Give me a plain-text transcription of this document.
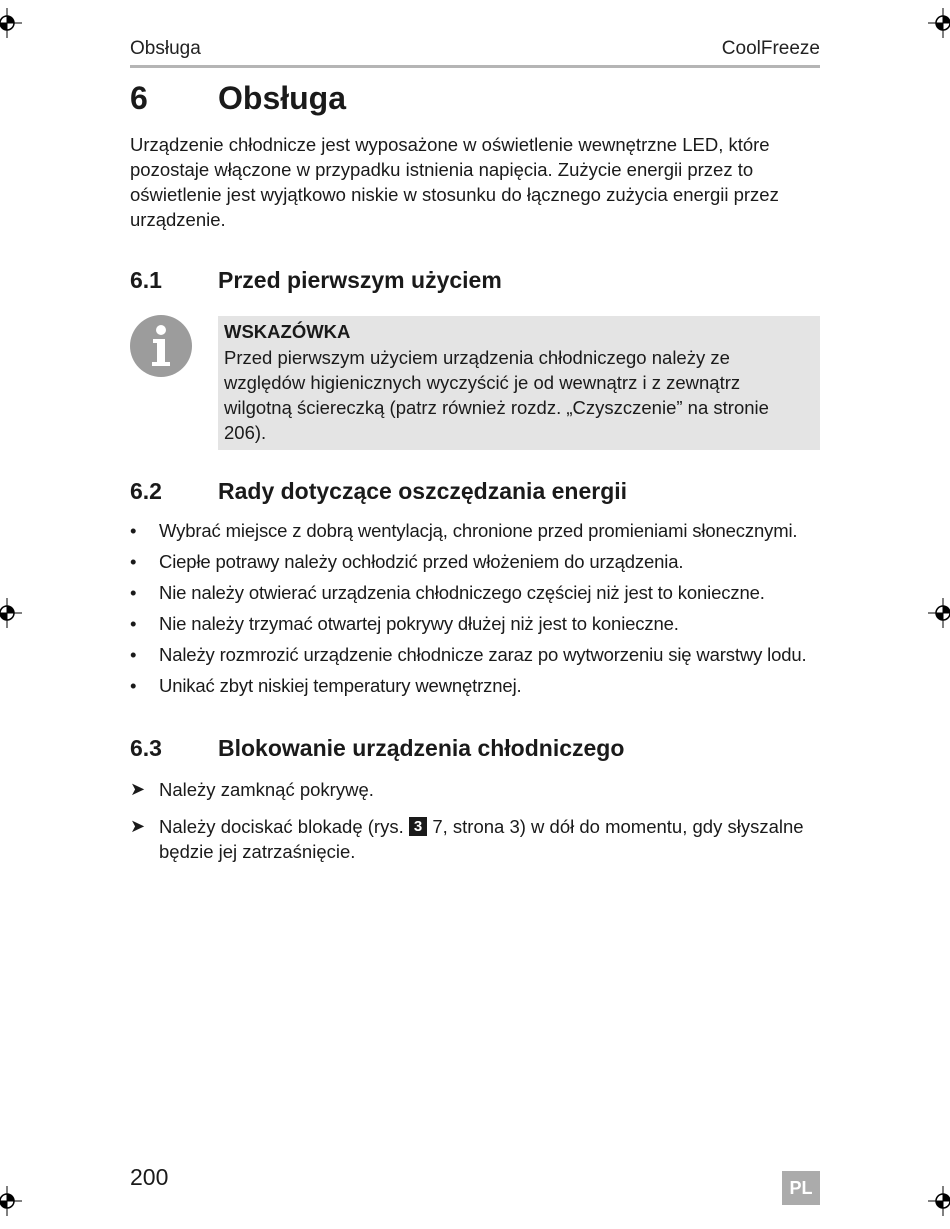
Obsługa	CoolFreeze
6 Obsługa
Urządzenie chłodnicze jest wyposażone w oświetlenie wewnętrzne LED, które pozostaje włączone w przypadku istnienia napięcia. Zużycie energii przez to oświetlenie jest wyjątkowo niskie w stosunku do łącznego zużycia energii przez urządzenie.
6.1 Przed pierwszym użyciem
WSKAZÓWKA
Przed pierwszym użyciem urządzenia chłodniczego należy ze względów higienicznych wyczyścić je od wewnątrz i z zewnątrz wilgotną ściereczką (patrz również rozdz. „Czyszczenie” na stronie 206).
6.2 Rady dotyczące oszczędzania energii
• Wybrać miejsce z dobrą wentylacją, chronione przed promieniami słonecznymi.
• Ciepłe potrawy należy ochłodzić przed włożeniem do urządzenia.
• Nie należy otwierać urządzenia chłodniczego częściej niż jest to konieczne.
• Nie należy trzymać otwartej pokrywy dłużej niż jest to konieczne.
• Należy rozmrozić urządzenie chłodnicze zaraz po wytworzeniu się warstwy lodu.
• Unikać zbyt niskiej temperatury wewnętrznej.
6.3 Blokowanie urządzenia chłodniczego
➤ Należy zamknąć pokrywę.
➤ Należy dociskać blokadę (rys. 3 7, strona 3) w dół do momentu, gdy słyszalne będzie jej zatrzaśnięcie.
200	PL
